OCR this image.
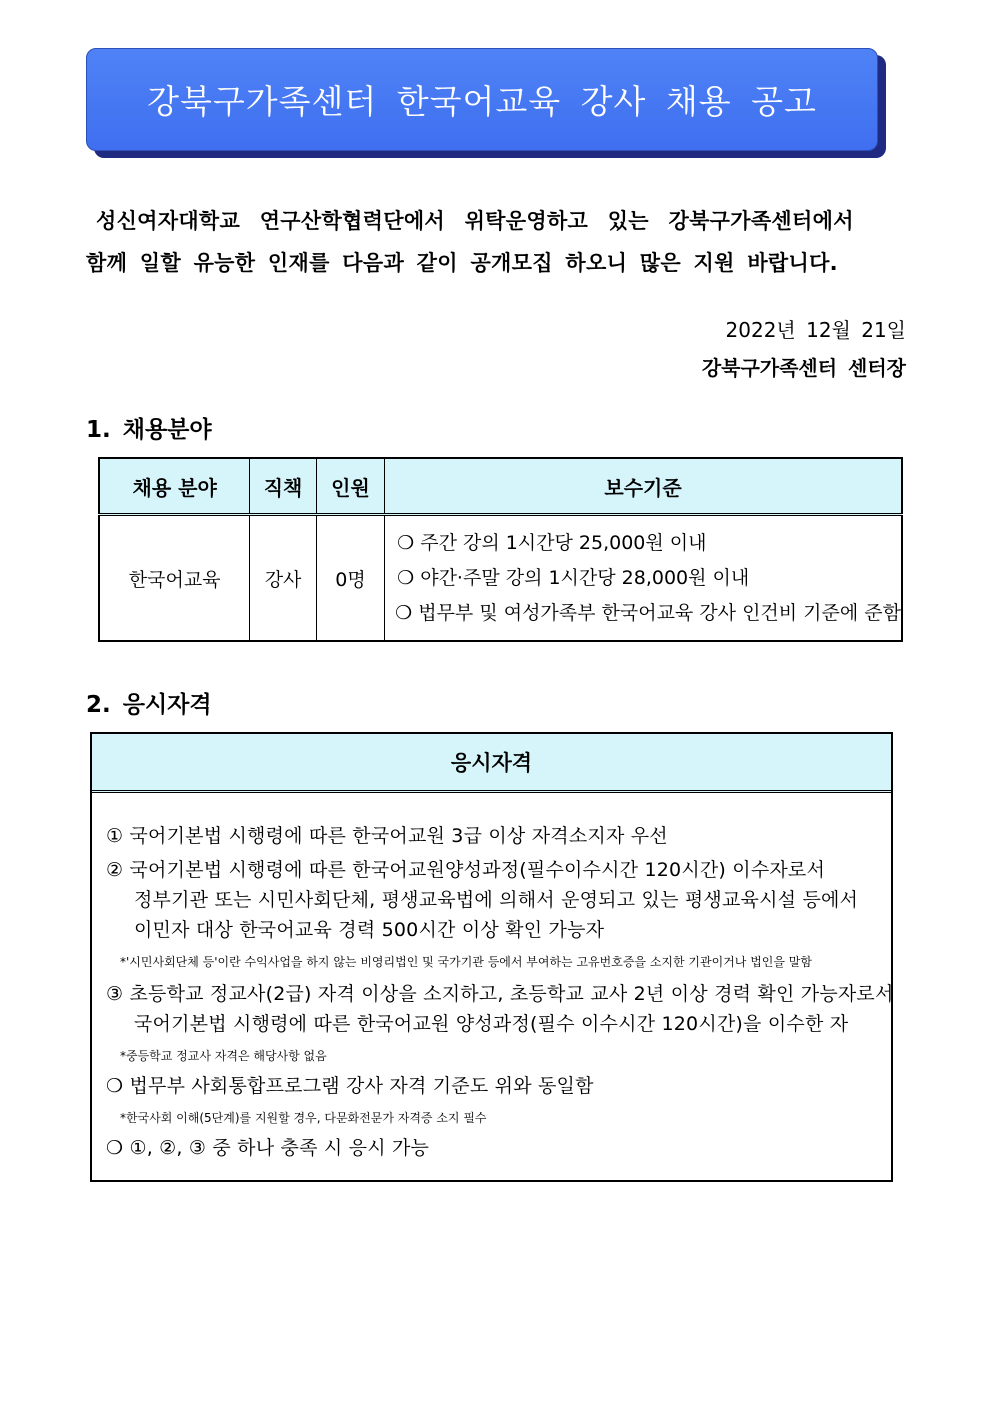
강북구가족센터 한국어교육 강사 채용 공고
성신여자대학교 연구산학협력단에서 위탁운영하고 있는 강북구가족센터에서
함께 일할 유능한 인재를 다음과 같이 공개모집 하오니 많은 지원 바랍니다.
2022년 12월 21일
강북구가족센터 센터장
1. 채용분야
채용 분야	직책	인원	보수기준
한국어교육	강사	0명	❍ 주간 강의 1시간당 25,000원 이내
❍ 야간·주말 강의 1시간당 28,000원 이내
❍ 법무부 및 여성가족부 한국어교육 강사 인건비 기준에 준함
2. 응시자격
응시자격
① 국어기본법 시행령에 따른 한국어교원 3급 이상 자격소지자 우선
② 국어기본법 시행령에 따른 한국어교원양성과정(필수이수시간 120시간) 이수자로서
정부기관 또는 시민사회단체, 평생교육법에 의해서 운영되고 있는 평생교육시설 등에서
이민자 대상 한국어교육 경력 500시간 이상 확인 가능자
*'시민사회단체 등'이란 수익사업을 하지 않는 비영리법인 및 국가기관 등에서 부여하는 고유번호증을 소지한 기관이거나 법인을 말함
③ 초등학교 정교사(2급) 자격 이상을 소지하고, 초등학교 교사 2년 이상 경력 확인 가능자로서
국어기본법 시행령에 따른 한국어교원 양성과정(필수 이수시간 120시간)을 이수한 자
*중등학교 정교사 자격은 해당사항 없음
❍ 법무부 사회통합프로그램 강사 자격 기준도 위와 동일함
*한국사회 이해(5단계)를 지원할 경우, 다문화전문가 자격증 소지 필수
❍ ①, ②, ③ 중 하나 충족 시 응시 가능
